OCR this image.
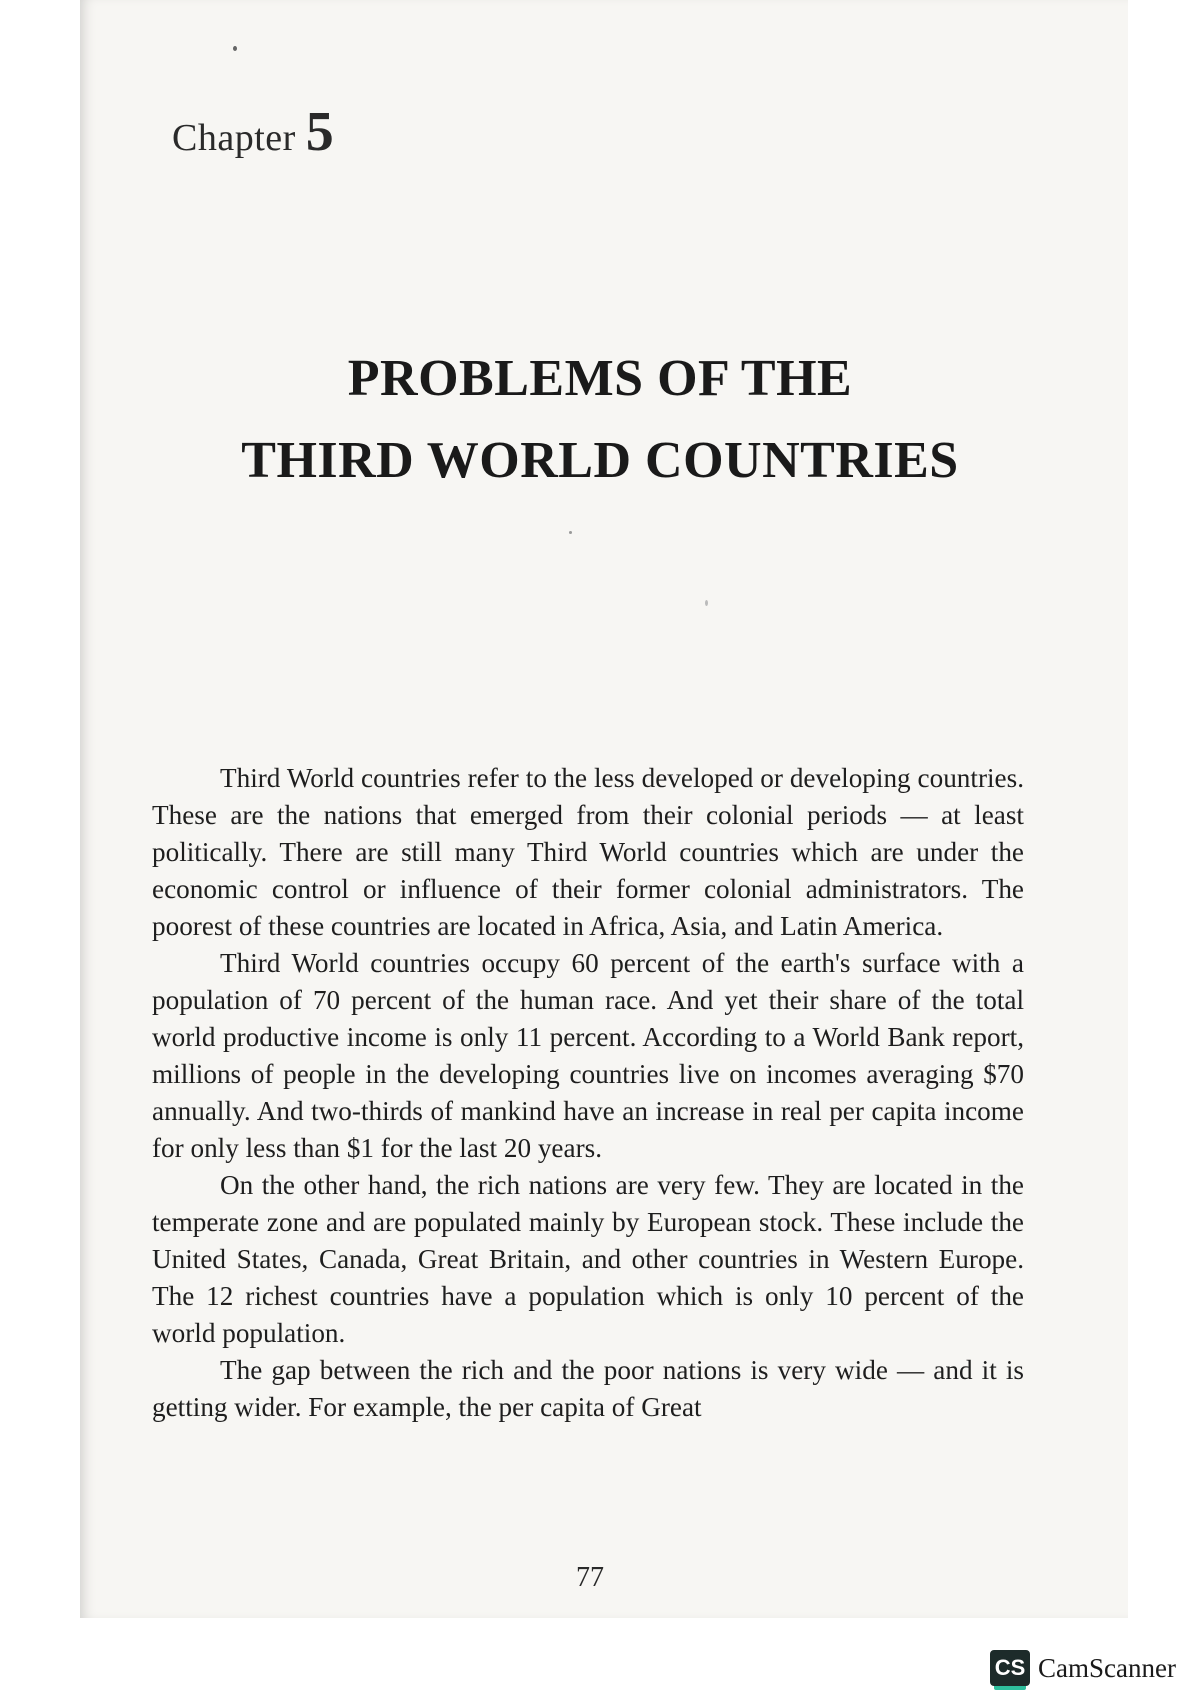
Chapter 5
PROBLEMS OF THE
THIRD WORLD COUNTRIES

Third World countries refer to the less developed or developing countries. These are the nations that emerged from their colonial periods — at least politically. There are still many Third World countries which are under the economic control or influence of their former colonial administrators. The poorest of these countries are located in Africa, Asia, and Latin America.

Third World countries occupy 60 percent of the earth's surface with a population of 70 percent of the human race. And yet their share of the total world productive income is only 11 percent. According to a World Bank report, millions of people in the developing countries live on incomes averaging $70 annually. And two-thirds of mankind have an increase in real per capita income for only less than $1 for the last 20 years.

On the other hand, the rich nations are very few. They are located in the temperate zone and are populated mainly by European stock. These include the United States, Canada, Great Britain, and other countries in Western Europe. The 12 richest countries have a population which is only 10 percent of the world population.

The gap between the rich and the poor nations is very wide — and it is getting wider. For example, the per capita of Great

77
CS CamScanner
